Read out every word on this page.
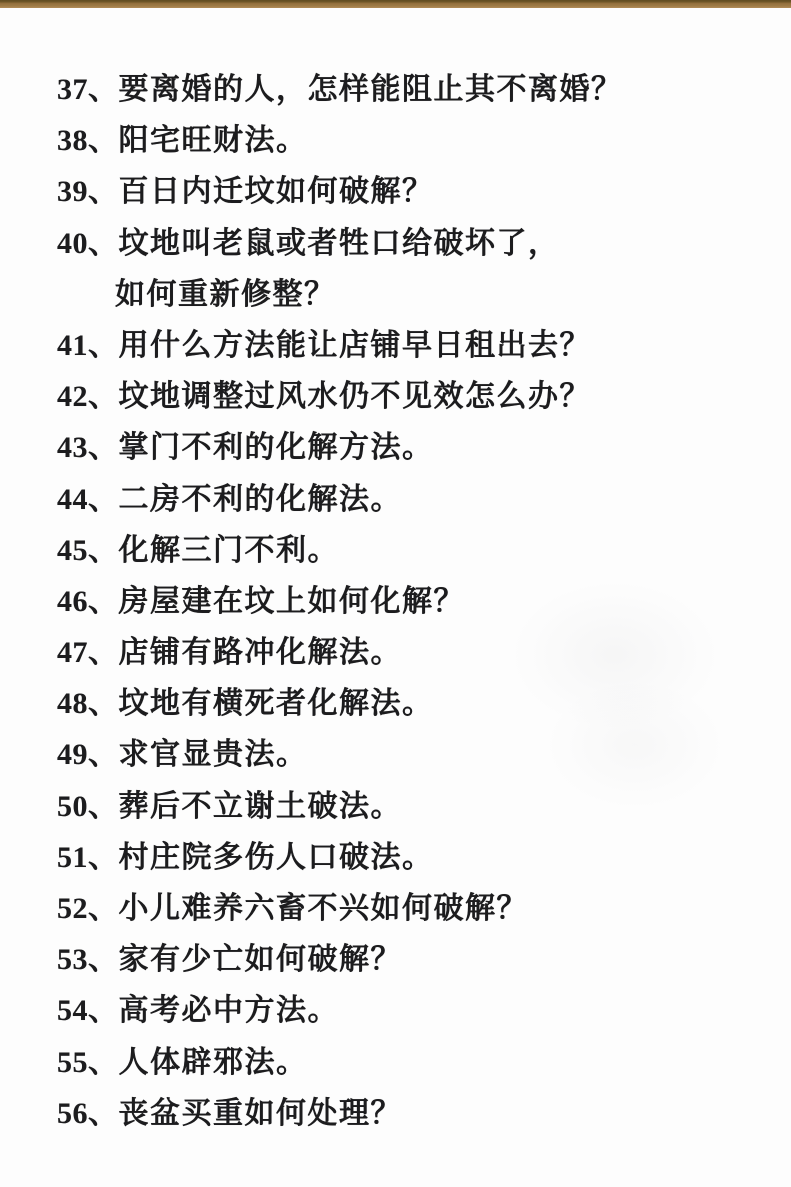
37、 要离婚的人，怎样能阻止其不离婚？
38、 阳宅旺财法。
39、 百日内迁坟如何破解？
40、 坟地叫老鼠或者牲口给破坏了，
如何重新修整？
41、 用什么方法能让店铺早日租出去？
42、 坟地调整过风水仍不见效怎么办？
43、 掌门不利的化解方法。
44、 二房不利的化解法。
45、 化解三门不利。
46、 房屋建在坟上如何化解？
47、 店铺有路冲化解法。
48、 坟地有横死者化解法。
49、 求官显贵法。
50、 葬后不立谢土破法。
51、 村庄院多伤人口破法。
52、 小儿难养六畜不兴如何破解？
53、 家有少亡如何破解？
54、 高考必中方法。
55、 人体辟邪法。
56、 丧盆买重如何处理？
